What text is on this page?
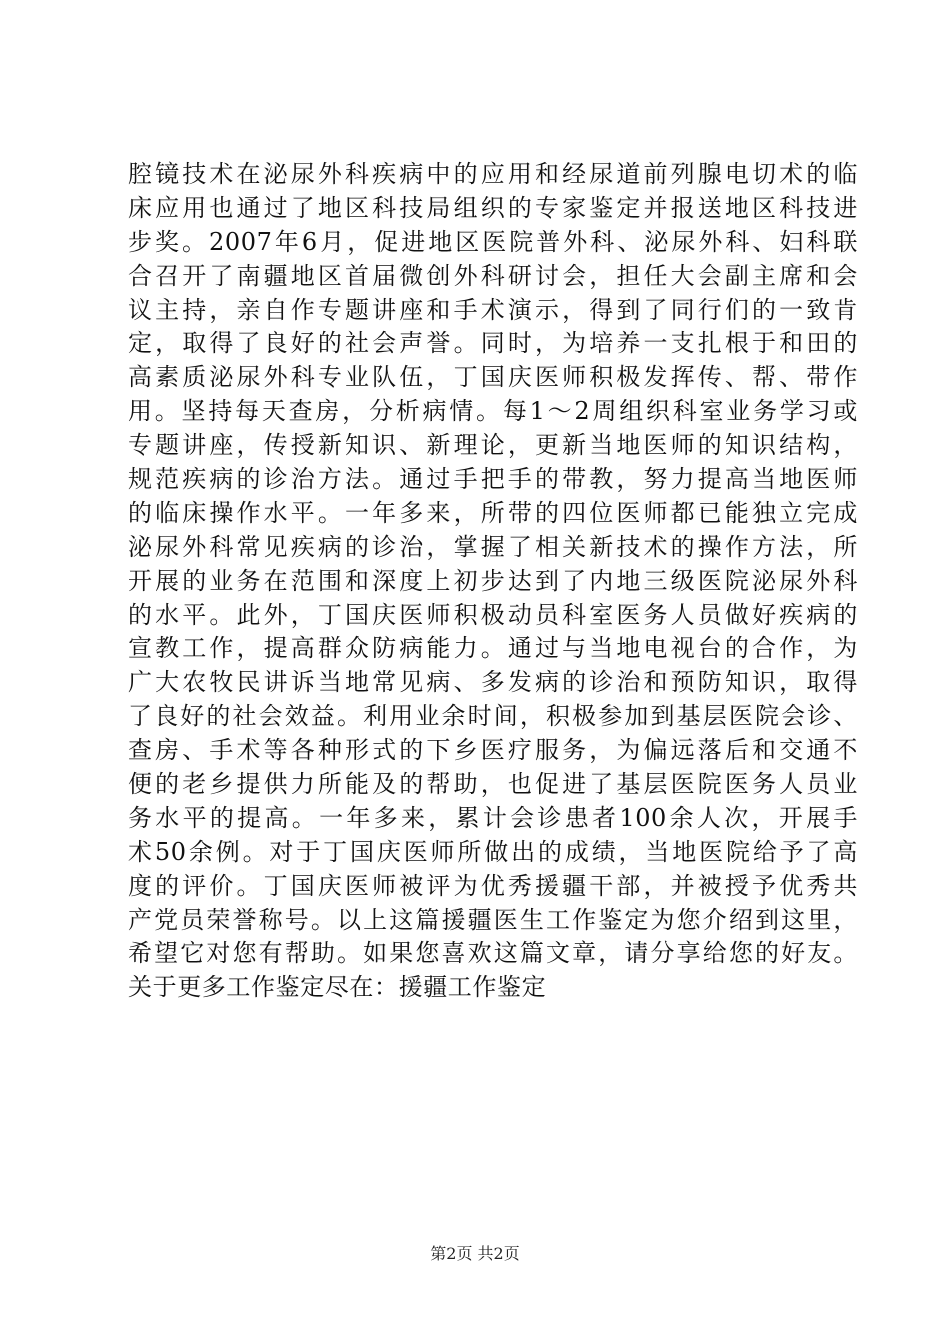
腔镜技术在泌尿外科疾病中的应用和经尿道前列腺电切术的临
床应用也通过了地区科技局组织的专家鉴定并报送地区科技进
步奖。2007年6月，促进地区医院普外科、泌尿外科、妇科联
合召开了南疆地区首届微创外科研讨会，担任大会副主席和会
议主持，亲自作专题讲座和手术演示，得到了同行们的一致肯
定，取得了良好的社会声誉。同时，为培养一支扎根于和田的
高素质泌尿外科专业队伍，丁国庆医师积极发挥传、帮、带作
用。坚持每天查房，分析病情。每1～2周组织科室业务学习或
专题讲座，传授新知识、新理论，更新当地医师的知识结构，
规范疾病的诊治方法。通过手把手的带教，努力提高当地医师
的临床操作水平。一年多来，所带的四位医师都已能独立完成
泌尿外科常见疾病的诊治，掌握了相关新技术的操作方法，所
开展的业务在范围和深度上初步达到了内地三级医院泌尿外科
的水平。此外，丁国庆医师积极动员科室医务人员做好疾病的
宣教工作，提高群众防病能力。通过与当地电视台的合作，为
广大农牧民讲诉当地常见病、多发病的诊治和预防知识，取得
了良好的社会效益。利用业余时间，积极参加到基层医院会诊、
查房、手术等各种形式的下乡医疗服务，为偏远落后和交通不
便的老乡提供力所能及的帮助，也促进了基层医院医务人员业
务水平的提高。一年多来，累计会诊患者100余人次，开展手
术50余例。对于丁国庆医师所做出的成绩，当地医院给予了高
度的评价。丁国庆医师被评为优秀援疆干部，并被授予优秀共
产党员荣誉称号。以上这篇援疆医生工作鉴定为您介绍到这里，
希望它对您有帮助。如果您喜欢这篇文章，请分享给您的好友。
关于更多工作鉴定尽在：援疆工作鉴定
第2页 共2页
